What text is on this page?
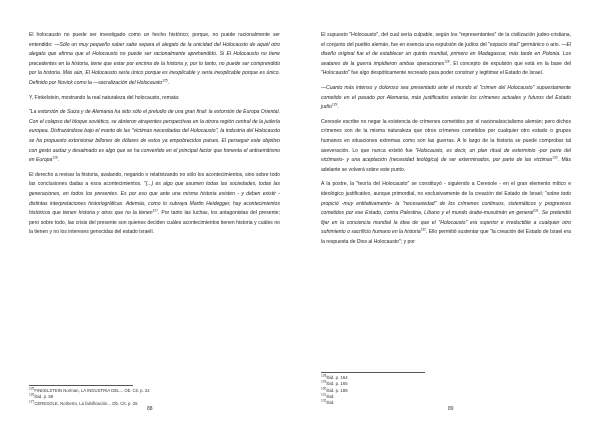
El holocausto no puede ser investigado como un hecho histórico; porque, no puede racionalmente ser entendido: —Sólo un muy pequeño saber sabe separa el alegato de la unicidad del Holocausto de aquél otro alegato que afirma que el Holocausto no puede ser racionalmente aprehendido. Si El Holocausto no tiene precedentes en la historia, tiene que estar por encima de la historia y, por lo tanto, no puede ser comprendido por la historia. Más aún, El Holocausto sería único porque es inexplicable y sería inexplicable porque es único. Definido por Novick como la —sacralización del Holocausto$^{125}$.

Y, Finkelstein, mostrando la real naturaleza del holocausto, remata:

"La extorsión de Suiza y de Alemania ha sido sólo el preludio de una gran final: la extorsión de Europa Oriental. Con el colapso del bloque soviético, se abrieron atrayentes perspectivas en la otrora región central de la judería europea. Disfrazándose bajo el manto de las "víctimas necesitadas del Holocausto", la industria del Holocausto se ha propuesto extorsionar billones de dólares de estos ya empobrecidos países. El perseguir este objetivo con gesto audaz y desalmado es algo que se ha convertido en el principal factor que fomenta el antisemitismo en Europa$^{126}$.

El derecho a revisar la historia, avalando, negando o relativizando no sólo los acontecimientos, sino sobre todo las conclusiones dadas a esos acontecimientos. "(...) es algo que asumen todas las sociedades, todas las generaciones, en todos los presentes. Es por eso que ante una misma historia existen - y deben existir - distintas interpretaciones historiográficas. Además, como lo subraya Martin Heidegger, hay acontecimientos históricos que tienen historia y otros que no la tienen$^{127}$. Por tanto las luchas, los antagonistas del presente; pero sobre todo, las crisis del presente son quienes deciden cuáles acontecimientos tienen historia y cuáles no la tienen y no los intereses genocidas del estado israelí.

$^{125}$FINKELSTEIN Norman, LA INDUSTRIA DEL... Ob. Cit. p. 22
$^{126}$Ibid. p. 58
$^{127}$CERESOLE, Norberto, La falsificación... Ob. Cit. p. 25
88

El supuesto "Holocausto", del cual sería culpable, según los "representantes" de la civilización judeo-cristiana, el conjunto del pueblo alemán, fue en esencia una expulsión de judíos del "espacio vital" germánico o ario. —El diseño original fue el de establecer un quinto mundial, primero en Madagascar, más tarde en Polonia. Los avatares de la guerra impidieron ambas operaciones$^{128}$. El concepto de expulsión que está en la base del "Holocausto" fue algo despóticamente recreado para poder construir y legitimar el Estado de Israel.

—Cuanto más intenso y doloroso sea presentado ante el mundo el "crimen del Holocausto" supuestamente cometido en el pasado por Alemania, más justificados estarán los crímenes actuales y futuros del Estado judío$^{129}$.

Ceresole escribe no negar la existencia de crímenes cometidos por el nacionalsocialismo alemán; pero dichos crímenes son de la misma naturaleza que otros crímenes cometidos por cualquier otro estado o grupos humanos en situaciones extremas como son las guerras. A lo largo de la historia se puede comprobar tal aseveración. Lo que nunca existió fue "Holocausto, es decir, un plan ritual de exterminio -por parte del victimario- y una aceptación (necesidad teológica) de ser exterminados, por parte de las víctimas$^{130}$. Más adelante se volverá sobre este punto.

A la postre, la "teoría del Holocausto" se constituyó - siguiendo a Ceresole - en el gran elemento mítico e ideológico justificativo, aunque primordial, no exclusivamente de la creación del Estado de Israel; "sobre todo propició -muy entitativamente- la "necesariedad" de los crímenes continuos, sistemáticos y progresivos cometidos por ese Estado, contra Palestina, Líbano y el mundo árabe-musulmán en general$^{131}$. Se pretendió fijar en la conciencia mundial la idea de que el "Holocausto" era superior e irreductible a cualquier otro sufrimiento o sacrificio humano en la historia$^{132}$. Ello permitió sustentar que "la creación del Estado de Israel era la respuesta de Dios al Holocausto"; y por

$^{128}$Ibid. p. 164
$^{129}$Ibid. p. 165
$^{130}$Ibid. p. 188
$^{131}$Ibid.
$^{132}$Ibid.
89
